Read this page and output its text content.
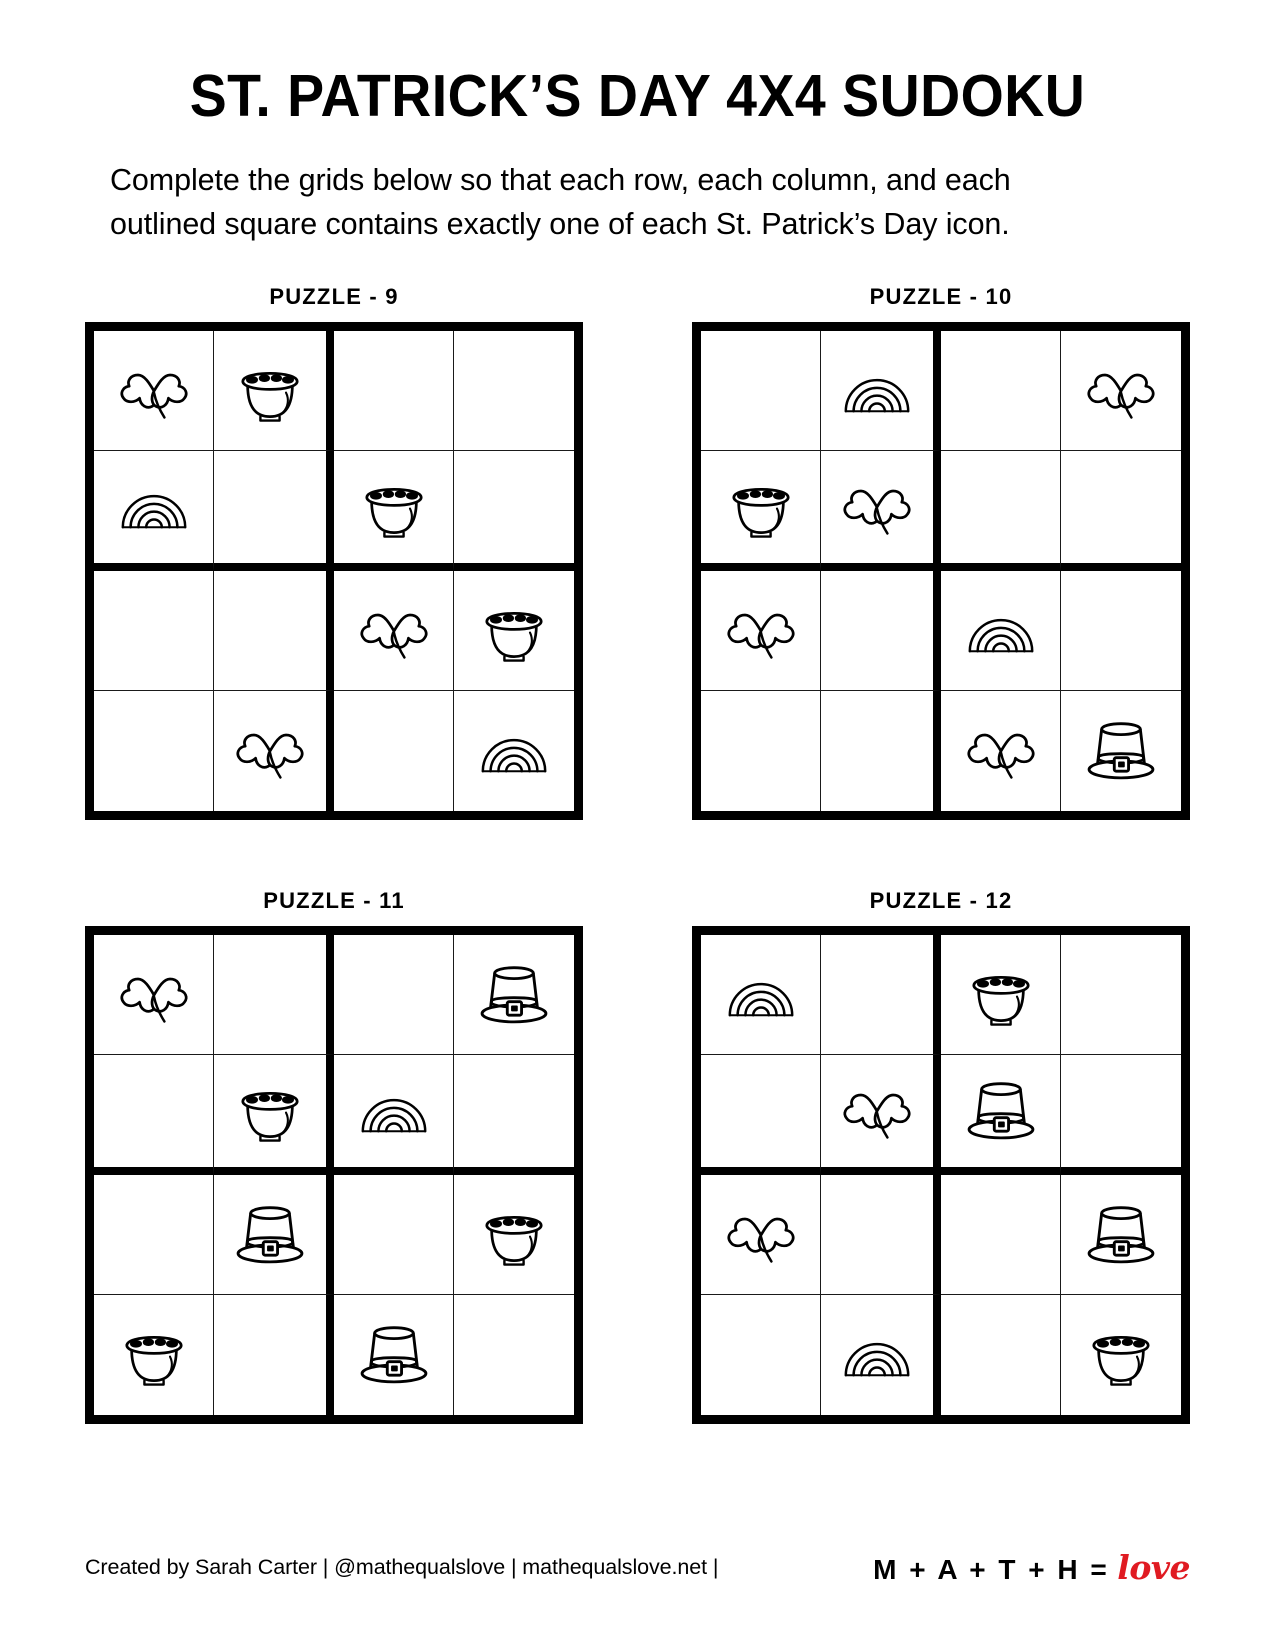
ST. PATRICK’S DAY 4X4 SUDOKU

Complete the grids below so that each row, each column, and each outlined square contains exactly one of each St. Patrick’s Day icon.

PUZZLE - 9	PUZZLE - 10
PUZZLE - 11	PUZZLE - 12
Created by Sarah Carter | @mathequalslove | mathequalslove.net |	M + A + T + H = love
